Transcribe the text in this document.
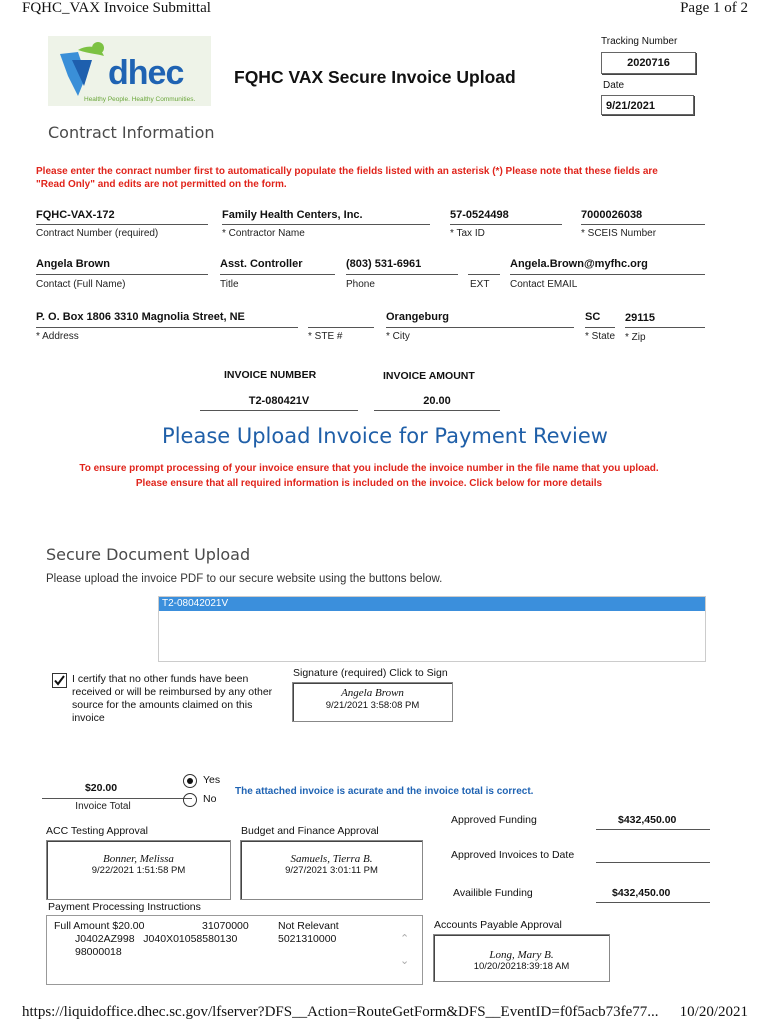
FQHC_VAX Invoice Submittal	Page 1 of 2
dhec
Healthy People. Healthy Communities.
FQHC VAX Secure Invoice Upload
Tracking Number
2020716
Date
9/21/2021
Contract Information
Please enter the conract number first to automatically populate the fields listed with an asterisk (*) Please note that these fields are "Read Only" and edits are not permitted on the form.
FQHC-VAX-172
Contract Number (required)
Family Health Centers, Inc.
* Contractor Name
57-0524498
* Tax ID
7000026038
* SCEIS Number
Angela Brown
Contact (Full Name)
Asst. Controller
Title
(803) 531-6961
Phone	EXT
Angela.Brown@myfhc.org
Contact EMAIL
P. O. Box 1806 3310 Magnolia Street, NE
* Address	* STE #
Orangeburg
* City
SC
* State
29115
* Zip
INVOICE NUMBER
T2-080421V
INVOICE AMOUNT
20.00
Please Upload Invoice for Payment Review
To ensure prompt processing of your invoice ensure that you include the invoice number in the file name that you upload.
Please ensure that all required information is included on the invoice. Click below for more details
Secure Document Upload
Please upload the invoice PDF to our secure website using the buttons below.
T2-08042021V
I certify that no other funds have been received or will be reimbursed by any other source for the amounts claimed on this invoice
Signature (required) Click to Sign
Angela Brown
9/21/2021 3:58:08 PM
$20.00
Invoice Total
Yes
No
The attached invoice is acurate and the invoice total is correct.
ACC Testing Approval
Bonner, Melissa
9/22/2021 1:51:58 PM
Budget and Finance Approval
Samuels, Tierra B.
9/27/2021 3:01:11 PM
Approved Funding	$432,450.00
Approved Invoices to Date
Availible Funding	$432,450.00
Payment Processing Instructions
Full Amount $20.00	31070000	Not Relevant
J0402AZ998   J040X01058580130	5021310000
98000018
⌃
⌄
Accounts Payable Approval
Long, Mary B.
10/20/20218:39:18 AM
https://liquidoffice.dhec.sc.gov/lfserver?DFS__Action=RouteGetForm&DFS__EventID=f0f5acb73fe77... 10/20/2021
